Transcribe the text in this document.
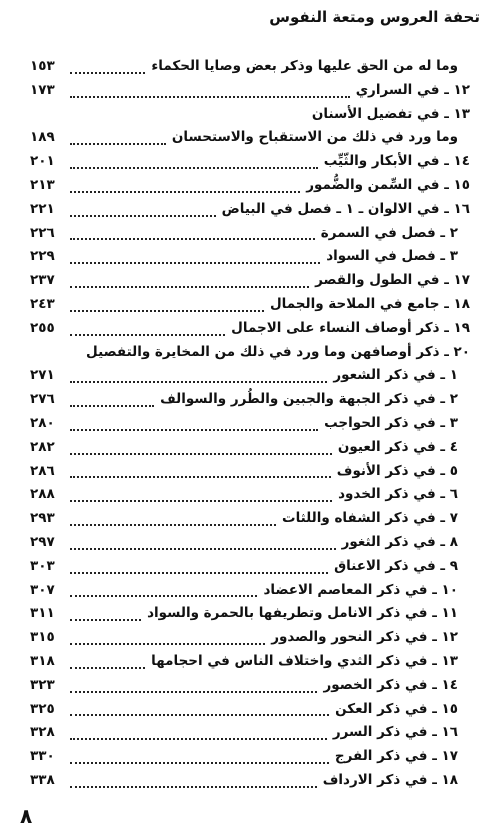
تحفة العروس ومتعة النفوس
وما له من الحق عليها وذكر بعض وصايا الحكماء
١٥٣
١٢ ـ في السراري
١٧٣
١٣ ـ في تفضيل الأسنان
وما ورد في ذلك من الاستقباح والاستحسان
١٨٩
١٤ ـ في الأبكار والثّيِّب
٢٠١
١٥ ـ في السِّمن والضُّمور
٢١٣
١٦ ـ في الالوان ـ ١ ـ فصل في البياض
٢٢١
٢ ـ فصل في السمرة
٢٢٦
٣ ـ فصل في السواد
٢٢٩
١٧ ـ في الطول والقصر
٢٣٧
١٨ ـ جامع في الملاحة والجمال
٢٤٣
١٩ ـ ذكر أوصاف النساء على الاجمال
٢٥٥
٢٠ ـ ذكر أوصافهن وما ورد في ذلك من المخايرة والتفصيل
١ ـ في ذكر الشعور
٢٧١
٢ ـ في ذكر الجبهة والجبين والطُرر والسوالف
٢٧٦
٣ ـ في ذكر الحواجب
٢٨٠
٤ ـ في ذكر العيون
٢٨٢
٥ ـ في ذكر الأنوف
٢٨٦
٦ ـ في ذكر الخدود
٢٨٨
٧ ـ في ذكر الشفاه واللثات
٢٩٣
٨ ـ في ذكر الثغور
٢٩٧
٩ ـ في ذكر الاعناق
٣٠٣
١٠ ـ في ذكر المعاصم الاعضاد
٣٠٧
١١ ـ في ذكر الانامل وتطريفها بالحمرة والسواد
٣١١
١٢ ـ في ذكر النحور والصدور
٣١٥
١٣ ـ في ذكر الثدي واختلاف الناس في احجامها
٣١٨
١٤ ـ في ذكر الخصور
٣٢٣
١٥ ـ في ذكر العكن
٣٢٥
١٦ ـ في ذكر السرر
٣٢٨
١٧ ـ في ذكر الفرج
٣٣٠
١٨ ـ في ذكر الارداف
٣٣٨
٨
